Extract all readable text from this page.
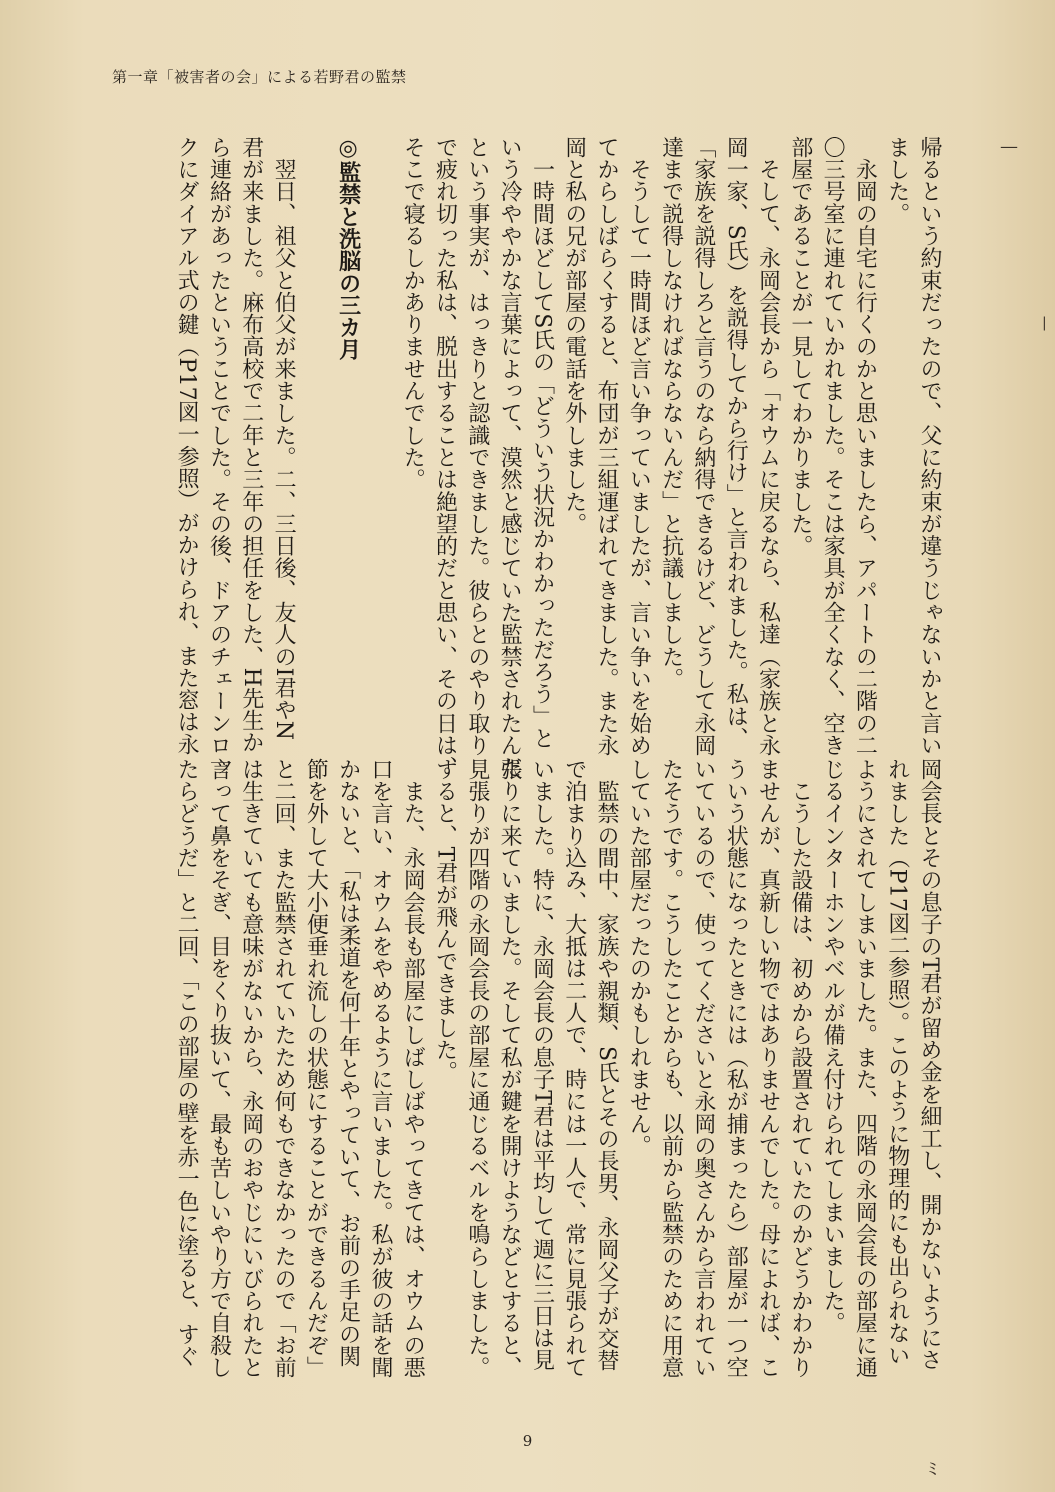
第一章「被害者の会」による若野君の監禁
—
|
ﾐ
帰るという約束だったので、父に約束が違うじゃないかと言い
ました。
　永岡の自宅に行くのかと思いましたら、アパートの二階の二
〇三号室に連れていかれました。そこは家具が全くなく、空き
部屋であることが一見してわかりました。
　そして、永岡会長から「オウムに戻るなら、私達（家族と永
岡一家、S氏）を説得してから行け」と言われました。私は、
「家族を説得しろと言うのなら納得できるけど、どうして永岡
達まで説得しなければならないんだ」と抗議しました。
　そうして一時間ほど言い争っていましたが、言い争いを始め
てからしばらくすると、布団が三組運ばれてきました。また永
岡と私の兄が部屋の電話を外しました。
　一時間ほどしてS氏の「どういう状況かわかっただろう」と
いう冷ややかな言葉によって、漠然と感じていた監禁されたんだ
という事実が、はっきりと認識できました。彼らとのやり取り
で疲れ切った私は、脱出することは絶望的だと思い、その日は、
そこで寝るしかありませんでした。
◎監禁と洗脳の三カ月
　翌日、祖父と伯父が来ました。二、三日後、友人のI君やN
君が来ました。麻布高校で二年と三年の担任をした、H先生か
ら連絡があったということでした。その後、ドアのチェーンロッ
クにダイアル式の鍵（P17図一参照）がかけられ、また窓は永
岡会長とその息子のT君が留め金を細工し、開かないようにさ
れました（P17図二参照）。このように物理的にも出られない
ようにされてしまいました。また、四階の永岡会長の部屋に通
じるインターホンやベルが備え付けられてしまいました。
　こうした設備は、初めから設置されていたのかどうかわかり
ませんが、真新しい物ではありませんでした。母によれば、こ
ういう状態になったときには（私が捕まったら）部屋が一つ空
いているので、使ってくださいと永岡の奥さんから言われてい
たそうです。こうしたことからも、以前から監禁のために用意
していた部屋だったのかもしれません。
　監禁の間中、家族や親類、S氏とその長男、永岡父子が交替
で泊まり込み、大抵は二人で、時には一人で、常に見張られて
いました。特に、永岡会長の息子T君は平均して週に三日は見
張りに来ていました。そして私が鍵を開けようなどとすると、
見張りが四階の永岡会長の部屋に通じるベルを鳴らしました。
すると、T君が飛んできました。
　また、永岡会長も部屋にしばしばやってきては、オウムの悪
口を言い、オウムをやめるように言いました。私が彼の話を聞
かないと、「私は柔道を何十年とやっていて、お前の手足の関
節を外して大小便垂れ流しの状態にすることができるんだぞ」
と二回、また監禁されていたため何もできなかったので「お前
は生きていても意味がないから、永岡のおやじにいびられたと
言って鼻をそぎ、目をくり抜いて、最も苦しいやり方で自殺し
たらどうだ」と二回、「この部屋の壁を赤一色に塗ると、すぐ
9
